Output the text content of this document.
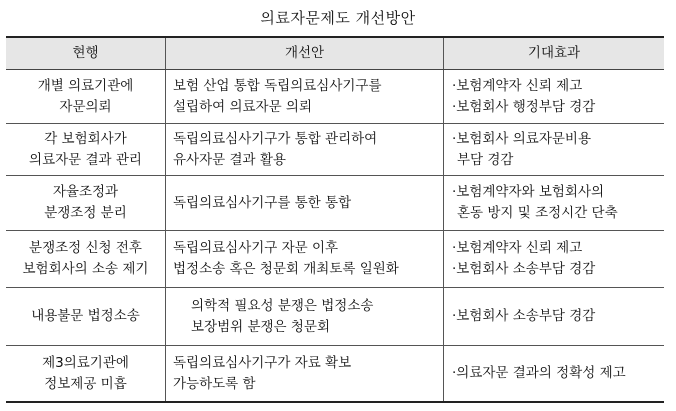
의료자문제도 개선방안
현행	개선안	기대효과
개별 의료기관에
자문의뢰
보험 산업 통합 독립의료심사기구를
설립하여 의료자문 의뢰
·보험계약자 신뢰 제고
·보험회사 행정부담 경감
각 보험회사가
의료자문 결과 관리
독립의료심사기구가 통합 관리하여
유사자문 결과 활용
·보험회사 의료자문비용
부담 경감
자율조정과
분쟁조정 분리
독립의료심사기구를 통한 통합
·보험계약자와 보험회사의
혼동 방지 및 조정시간 단축
분쟁조정 신청 전후
보험회사의 소송 제기
독립의료심사기구 자문 이후
법정소송 혹은 청문회 개최토록 일원화
·보험계약자 신뢰 제고
·보험회사 소송부담 경감
내용불문 법정소송
의학적 필요성 분쟁은 법정소송
보장범위 분쟁은 청문회
·보험회사 소송부담 경감
제3의료기관에
정보제공 미흡
독립의료심사기구가 자료 확보
가능하도록 함
·의료자문 결과의 정확성 제고
